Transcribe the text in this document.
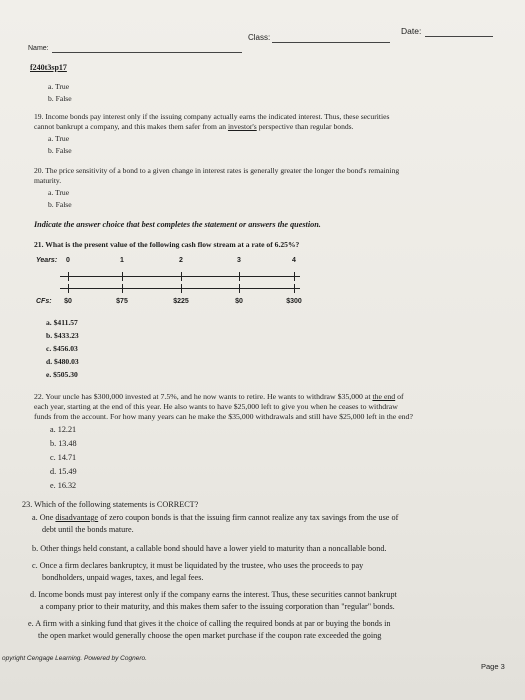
Class:
Date:
Name:
f240t3sp17
a. True
b. False
19. Income bonds pay interest only if the issuing company actually earns the indicated interest. Thus, these securities
cannot bankrupt a company, and this makes them safer from an investor's perspective than regular bonds.
a. True
b. False
20. The price sensitivity of a bond to a given change in interest rates is generally greater the longer the bond's remaining
maturity.
a. True
b. False
Indicate the answer choice that best completes the statement or answers the question.
21. What is the present value of the following cash flow stream at a rate of 6.25%?
Years: 0	1	2	3	4
CFs: $0	$75	$225	$0	$300
a. $411.57
b. $433.23
c. $456.03
d. $480.03
e. $505.30
22. Your uncle has $300,000 invested at 7.5%, and he now wants to retire. He wants to withdraw $35,000 at the end of
each year, starting at the end of this year. He also wants to have $25,000 left to give you when he ceases to withdraw
funds from the account. For how many years can he make the $35,000 withdrawals and still have $25,000 left in the end?
a. 12.21
b. 13.48
c. 14.71
d. 15.49
e. 16.32
23. Which of the following statements is CORRECT?
a. One disadvantage of zero coupon bonds is that the issuing firm cannot realize any tax savings from the use of
debt until the bonds mature.
b. Other things held constant, a callable bond should have a lower yield to maturity than a noncallable bond.
c. Once a firm declares bankruptcy, it must be liquidated by the trustee, who uses the proceeds to pay
bondholders, unpaid wages, taxes, and legal fees.
d. Income bonds must pay interest only if the company earns the interest. Thus, these securities cannot bankrupt
a company prior to their maturity, and this makes them safer to the issuing corporation than "regular" bonds.
e. A firm with a sinking fund that gives it the choice of calling the required bonds at par or buying the bonds in
the open market would generally choose the open market purchase if the coupon rate exceeded the going
opyright Cengage Learning. Powered by Cognero.
Page 3
